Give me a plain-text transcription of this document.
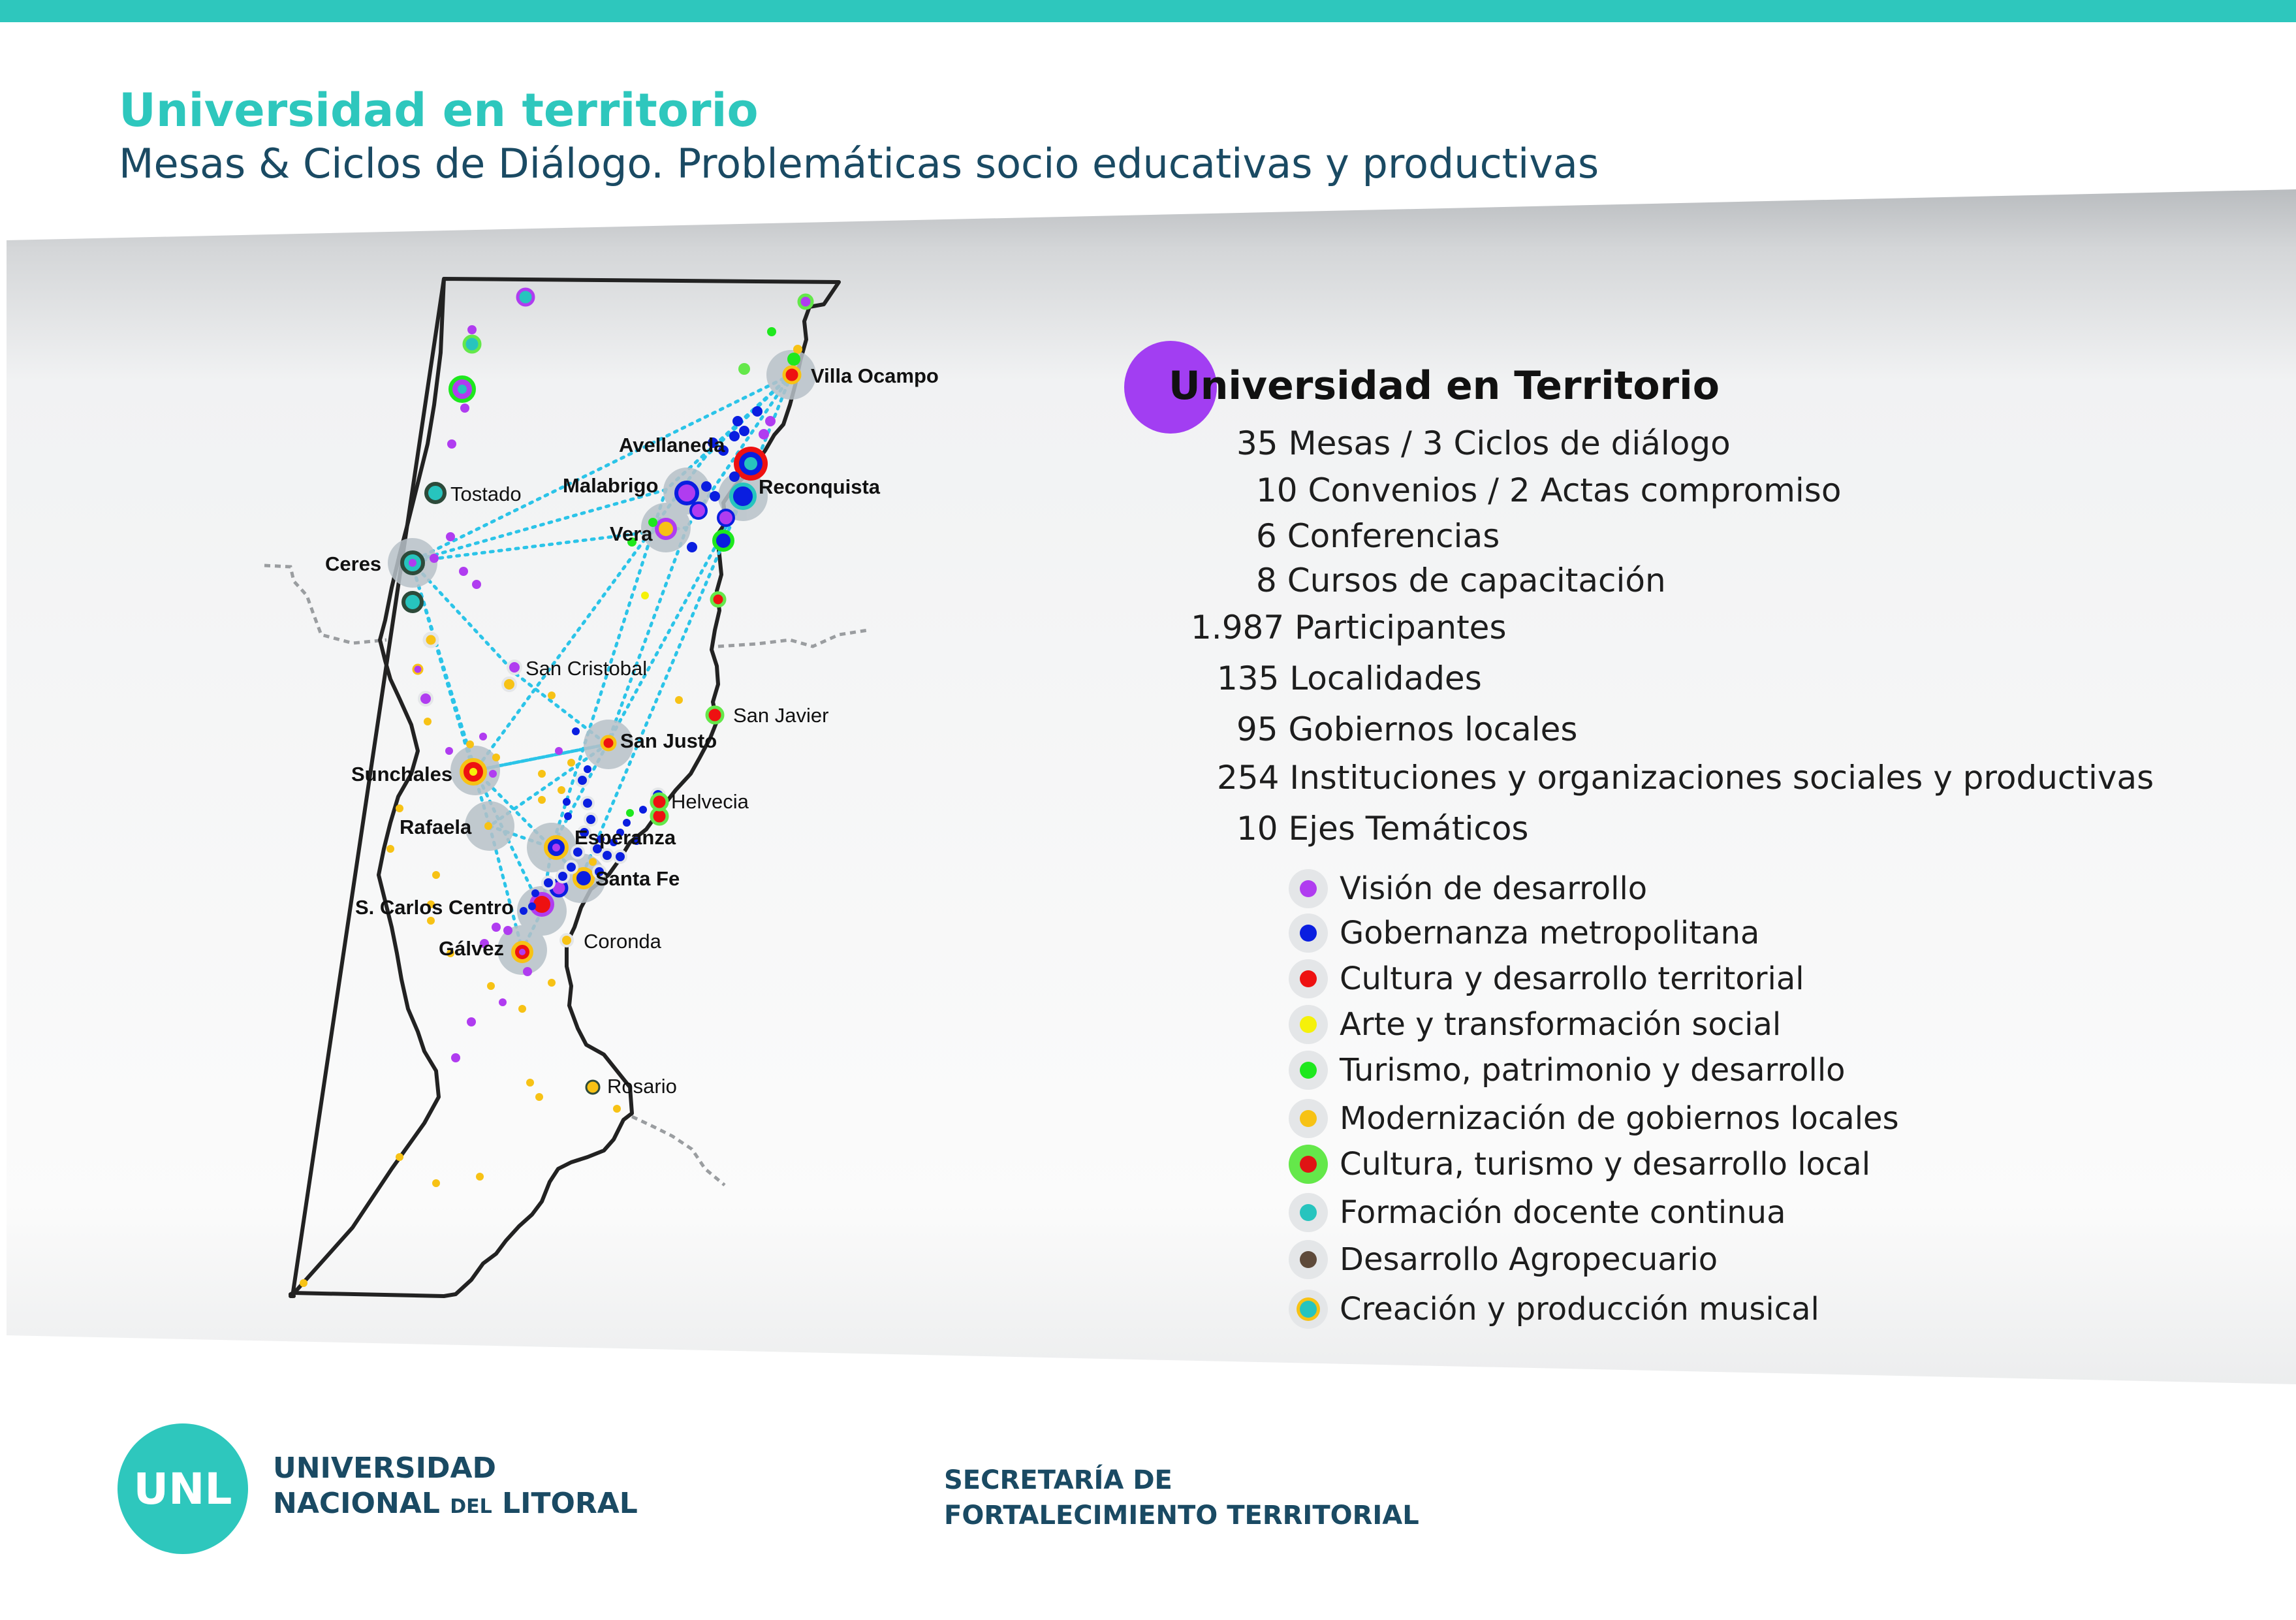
Universidad en territorio
Mesas & Ciclos de Diálogo. Problemáticas socio educativas y productivas
Villa Ocampo
Avellaneda
Malabrigo	Reconquista
Tostado
Vera
Ceres
San Cristobal
San Javier
Sunchales
San Justo
Helvecia
Rafaela	Esperanza
Santa Fe
S. Carlos Centro
Coronda
Gálvez
Rosario
Universidad en Territorio
35 Mesas / 3 Ciclos de diálogo
10 Convenios / 2 Actas compromiso
6 Conferencias
8 Cursos de capacitación
1.987 Participantes
135 Localidades
95 Gobiernos locales
254 Instituciones y organizaciones sociales y productivas
10 Ejes Temáticos
Visión de desarrollo
Gobernanza metropolitana
Cultura y desarrollo territorial
Arte y transformación social
Turismo, patrimonio y desarrollo
Modernización de gobiernos locales
Cultura, turismo y desarrollo local
Formación docente continua
Desarrollo Agropecuario
Creación y producción musical
UNL UNIVERSIDAD
NACIONAL DEL LITORAL
SECRETARÍA DE
FORTALECIMIENTO TERRITORIAL
